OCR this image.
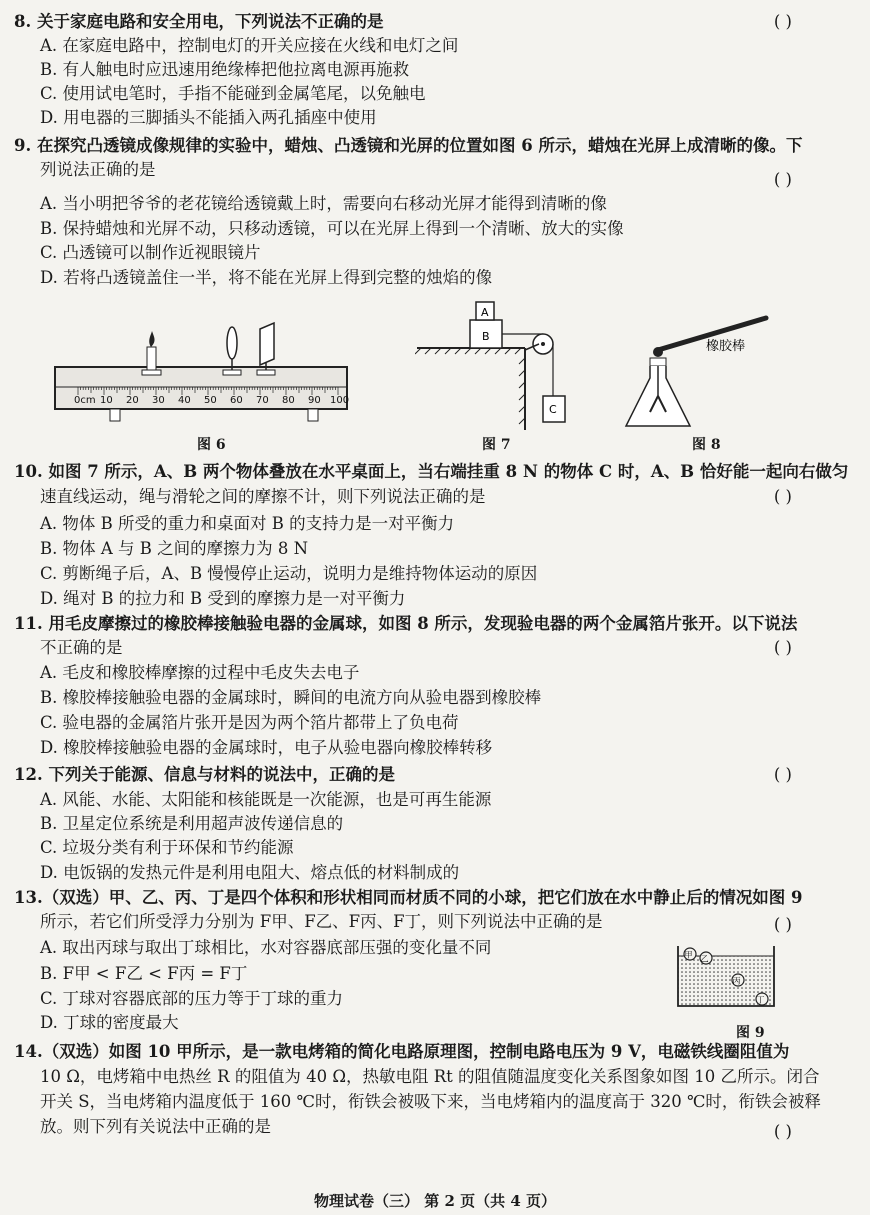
8. 关于家庭电路和安全用电，下列说法不正确的是	( )
A. 在家庭电路中，控制电灯的开关应接在火线和电灯之间
B. 有人触电时应迅速用绝缘棒把他拉离电源再施救
C. 使用试电笔时，手指不能碰到金属笔尾，以免触电
D. 用电器的三脚插头不能插入两孔插座中使用
9. 在探究凸透镜成像规律的实验中，蜡烛、凸透镜和光屏的位置如图 6 所示，蜡烛在光屏上成清晰的像。下
列说法正确的是
( )
A. 当小明把爷爷的老花镜给透镜戴上时，需要向右移动光屏才能得到清晰的像
B. 保持蜡烛和光屏不动，只移动透镜，可以在光屏上得到一个清晰、放大的实像
C. 凸透镜可以制作近视眼镜片
D. 若将凸透镜盖住一半，将不能在光屏上得到完整的烛焰的像
0cm 10 20 30 40 50 60 70 80 90 100
图 6
A
B
C
图 7
橡胶棒
图 8
10. 如图 7 所示，A、B 两个物体叠放在水平桌面上，当右端挂重 8 N 的物体 C 时，A、B 恰好能一起向右做匀
速直线运动，绳与滑轮之间的摩擦不计，则下列说法正确的是	( )
A. 物体 B 所受的重力和桌面对 B 的支持力是一对平衡力
B. 物体 A 与 B 之间的摩擦力为 8 N
C. 剪断绳子后，A、B 慢慢停止运动，说明力是维持物体运动的原因
D. 绳对 B 的拉力和 B 受到的摩擦力是一对平衡力
11. 用毛皮摩擦过的橡胶棒接触验电器的金属球，如图 8 所示，发现验电器的两个金属箔片张开。以下说法
不正确的是	( )
A. 毛皮和橡胶棒摩擦的过程中毛皮失去电子
B. 橡胶棒接触验电器的金属球时，瞬间的电流方向从验电器到橡胶棒
C. 验电器的金属箔片张开是因为两个箔片都带上了负电荷
D. 橡胶棒接触验电器的金属球时，电子从验电器向橡胶棒转移
12. 下列关于能源、信息与材料的说法中，正确的是	( )
A. 风能、水能、太阳能和核能既是一次能源，也是可再生能源
B. 卫星定位系统是利用超声波传递信息的
C. 垃圾分类有利于环保和节约能源
D. 电饭锅的发热元件是利用电阻大、熔点低的材料制成的
13.（双选）甲、乙、丙、丁是四个体积和形状相同而材质不同的小球，把它们放在水中静止后的情况如图 9
所示，若它们所受浮力分别为 F甲、F乙、F丙、F丁，则下列说法中正确的是	( )
A. 取出丙球与取出丁球相比，水对容器底部压强的变化量不同
B. F甲 < F乙 < F丙 = F丁
C. 丁球对容器底部的压力等于丁球的重力
D. 丁球的密度最大
甲 乙
丙
丁
图 9
14.（双选）如图 10 甲所示，是一款电烤箱的简化电路原理图，控制电路电压为 9 V，电磁铁线圈阻值为
10 Ω，电烤箱中电热丝 R 的阻值为 40 Ω，热敏电阻 Rt 的阻值随温度变化关系图象如图 10 乙所示。闭合
开关 S，当电烤箱内温度低于 160 ℃时，衔铁会被吸下来，当电烤箱内的温度高于 320 ℃时，衔铁会被释
放。则下列有关说法中正确的是	( )
物理试卷（三） 第 2 页（共 4 页）
